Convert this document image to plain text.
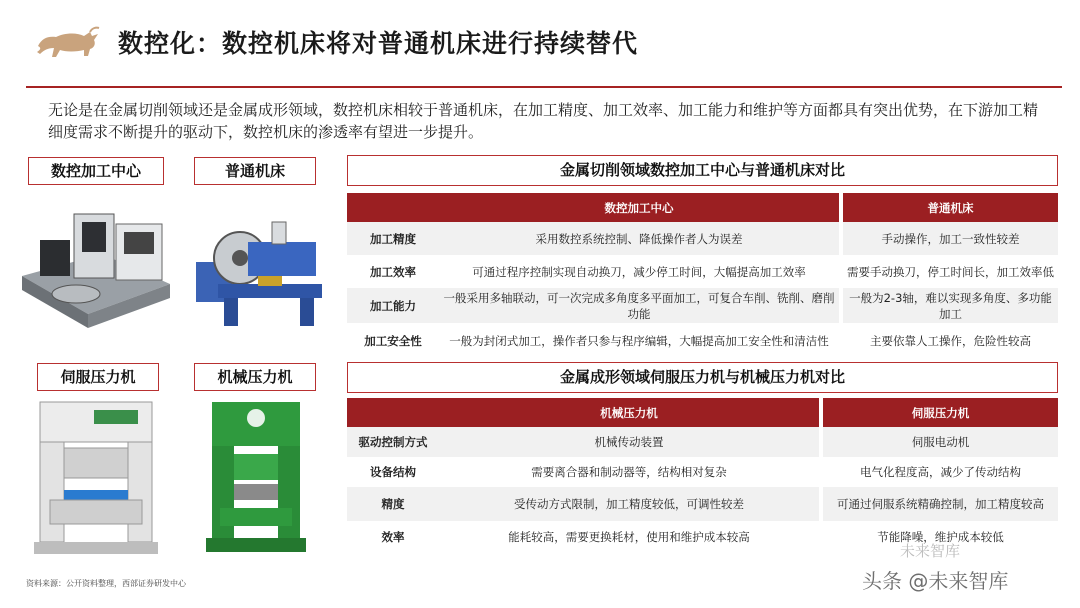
数控化：数控机床将对普通机床进行持续替代
无论是在金属切削领域还是金属成形领域，数控机床相较于普通机床，在加工精度、加工效率、加工能力和维护等方面都具有突出优势，在下游加工精细度需求不断提升的驱动下，数控机床的渗透率有望进一步提升。
数控加工中心	普通机床
伺服压力机	机械压力机
金属切削领域数控加工中心与普通机床对比
	数控加工中心		普通机床
加工精度	采用数控系统控制、降低操作者人为误差		手动操作，加工一致性较差
加工效率	可通过程序控制实现自动换刀，减少停工时间，大幅提高加工效率		需要手动换刀，停工时间长，加工效率低
加工能力	一般采用多轴联动，可一次完成多角度多平面加工，可复合车削、铣削、磨削功能		一般为2-3轴，难以实现多角度、多功能加工
加工安全性	一般为封闭式加工，操作者只参与程序编辑，大幅提高加工安全性和清洁性		主要依靠人工操作，危险性较高
金属成形领域伺服压力机与机械压力机对比
	机械压力机		伺服压力机
驱动控制方式	机械传动装置		伺服电动机
设备结构	需要离合器和制动器等，结构相对复杂		电气化程度高，减少了传动结构
精度	受传动方式限制，加工精度较低，可调性较差		可通过伺服系统精确控制，加工精度较高
效率	能耗较高，需要更换耗材，使用和维护成本较高		节能降噪，维护成本较低
资料来源：公开资料整理，西部证券研发中心
未来智库
头条 @未来智库
